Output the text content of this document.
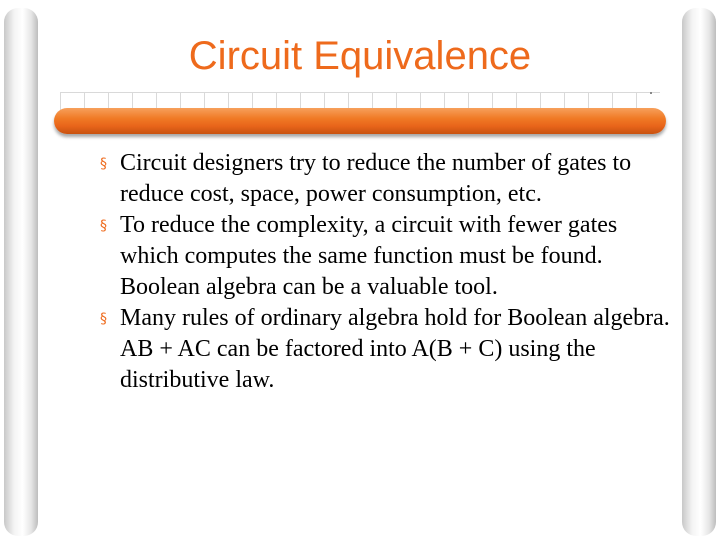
Circuit Equivalence
§ Circuit designers try to reduce the number of gates to reduce cost, space, power consumption, etc.
§ To reduce the complexity, a circuit with fewer gates which computes the same function must be found. Boolean algebra can be a valuable tool.
§ Many rules of ordinary algebra hold for Boolean algebra. AB + AC can be factored into A(B + C) using the distributive law.
